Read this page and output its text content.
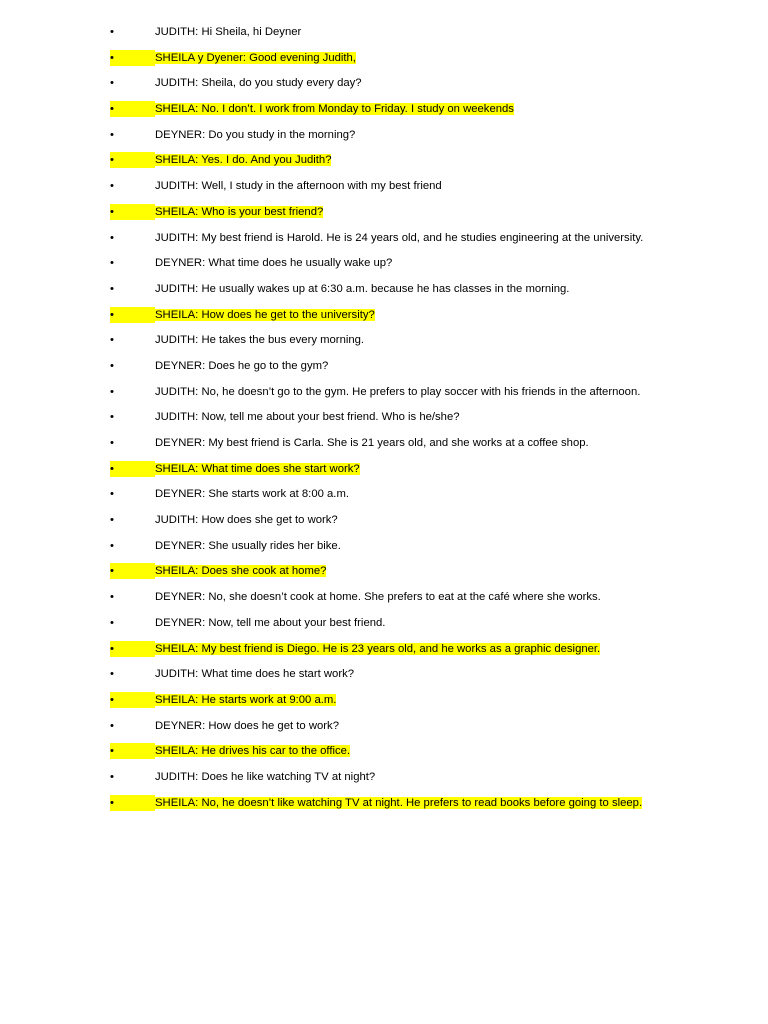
•	JUDITH: Hi Sheila, hi Deyner
•	SHEILA y Dyener: Good evening Judith,
•	JUDITH: Sheila, do you study every day?
•	SHEILA: No. I don’t. I work from Monday to Friday. I study on weekends
•	DEYNER: Do you study in the morning?
•	SHEILA: Yes. I do. And you Judith?
•	JUDITH: Well, I study in the afternoon with my best friend
•	SHEILA: Who is your best friend?
•	JUDITH: My best friend is Harold. He is 24 years old, and he studies engineering at the university.
•	DEYNER: What time does he usually wake up?
•	JUDITH: He usually wakes up at 6:30 a.m. because he has classes in the morning.
•	SHEILA: How does he get to the university?
•	JUDITH: He takes the bus every morning.
•	DEYNER: Does he go to the gym?
•	JUDITH: No, he doesn’t go to the gym. He prefers to play soccer with his friends in the afternoon.
•	JUDITH: Now, tell me about your best friend. Who is he/she?
•	DEYNER: My best friend is Carla. She is 21 years old, and she works at a coffee shop.
•	SHEILA: What time does she start work?
•	DEYNER: She starts work at 8:00 a.m.
•	JUDITH: How does she get to work?
•	DEYNER: She usually rides her bike.
•	SHEILA: Does she cook at home?
•	DEYNER: No, she doesn’t cook at home. She prefers to eat at the café where she works.
•	DEYNER: Now, tell me about your best friend.
•	SHEILA: My best friend is Diego. He is 23 years old, and he works as a graphic designer.
•	JUDITH: What time does he start work?
•	SHEILA: He starts work at 9:00 a.m.
•	DEYNER: How does he get to work?
•	SHEILA: He drives his car to the office.
•	JUDITH: Does he like watching TV at night?
•	SHEILA: No, he doesn’t like watching TV at night. He prefers to read books before going to sleep.
